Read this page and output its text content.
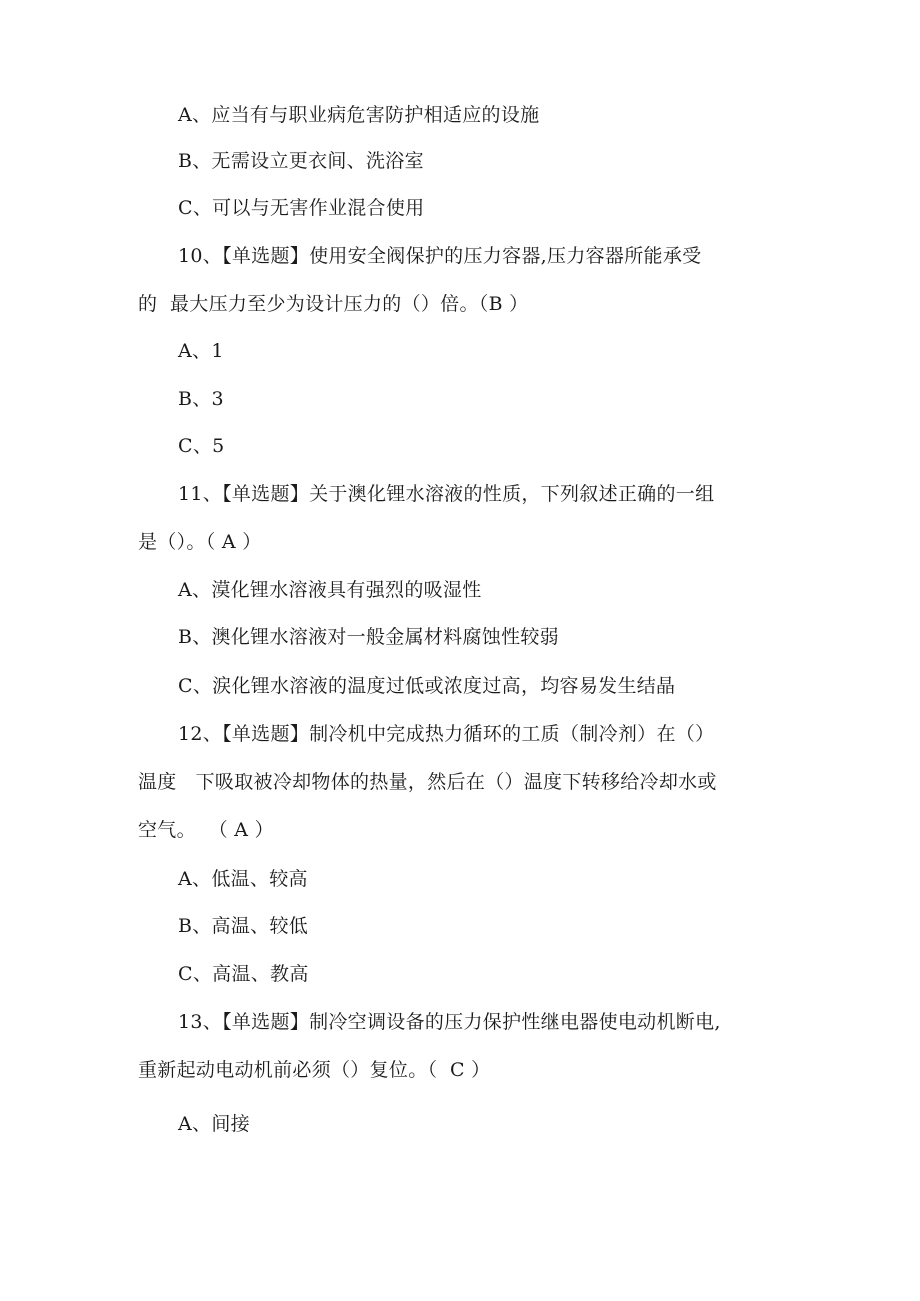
A、应当有与职业病危害防护相适应的设施
B、无需设立更衣间、洗浴室
C、可以与无害作业混合使用
10、【单选题】使用安全阀保护的压力容器,压力容器所能承受
的  最大压力至少为设计压力的（）倍。（B ）
A、1
B、3
C、5
11、【单选题】关于澳化锂水溶液的性质，下列叙述正确的一组
是（）。（ A ）
A、漠化锂水溶液具有强烈的吸湿性
B、澳化锂水溶液对一般金属材料腐蚀性较弱
C、涙化锂水溶液的温度过低或浓度过高，均容易发生结晶
12、【单选题】制冷机中完成热力循环的工质（制冷剂）在（）
温度   下吸取被冷却物体的热量，然后在（）温度下转移给冷却水或
空气。  （ A ）
A、低温、较高
B、高温、较低
C、高温、教高
13、【单选题】制冷空调设备的压力保护性继电器使电动机断电,
重新起动电动机前必须（）复位。（  C ）
A、间接
